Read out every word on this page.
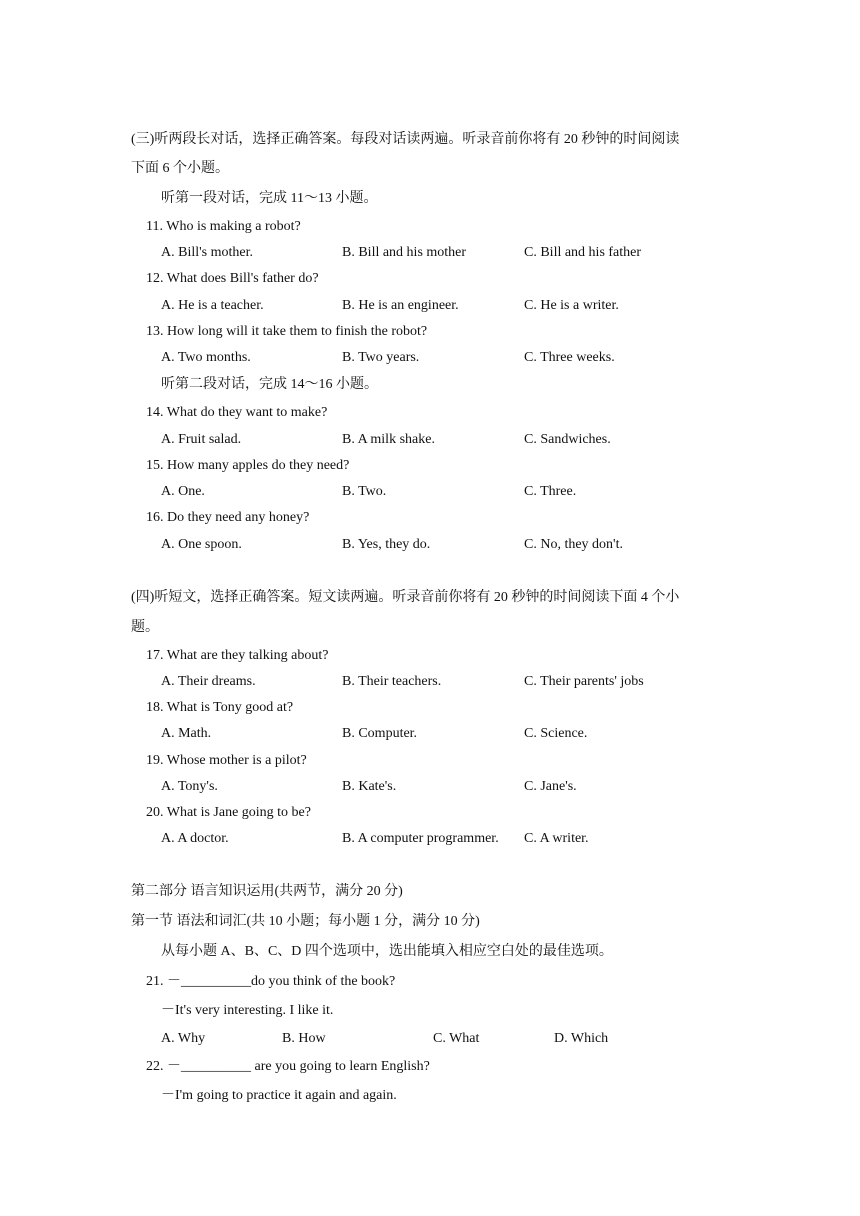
(三)听两段长对话，选择正确答案。每段对话读两遍。听录音前你将有 20 秒钟的时间阅读
下面 6 个小题。
听第一段对话，完成 11～13 小题。
11. Who is making a robot?
A. Bill's mother.	B. Bill and his mother	C. Bill and his father
12. What does Bill's father do?
A. He is a teacher.	B. He is an engineer.	C. He is a writer.
13. How long will it take them to finish the robot?
A. Two months.	B. Two years.	C. Three weeks.
听第二段对话，完成 14～16 小题。
14. What do they want to make?
A. Fruit salad.	B. A milk shake.	C. Sandwiches.
15. How many apples do they need?
A. One.	B. Two.	C. Three.
16. Do they need any honey?
A. One spoon.	B. Yes, they do.	C. No, they don't.
(四)听短文，选择正确答案。短文读两遍。听录音前你将有 20 秒钟的时间阅读下面 4 个小
题。
17. What are they talking about?
A. Their dreams.	B. Their teachers.	C. Their parents' jobs
18. What is Tony good at?
A. Math.	B. Computer.	C. Science.
19. Whose mother is a pilot?
A. Tony's.	B. Kate's.	C. Jane's.
20. What is Jane going to be?
A. A doctor.	B. A computer programmer. C. A writer.
第二部分 语言知识运用(共两节，满分 20 分)
第一节 语法和词汇(共 10 小题；每小题 1 分，满分 10 分)
从每小题 A、B、C、D 四个选项中，选出能填入相应空白处的最佳选项。
21. －__________do you think of the book?
－It's very interesting. I like it.
A. Why	B. How	C. What	D. Which
22. －__________ are you going to learn English?
－I'm going to practice it again and again.
